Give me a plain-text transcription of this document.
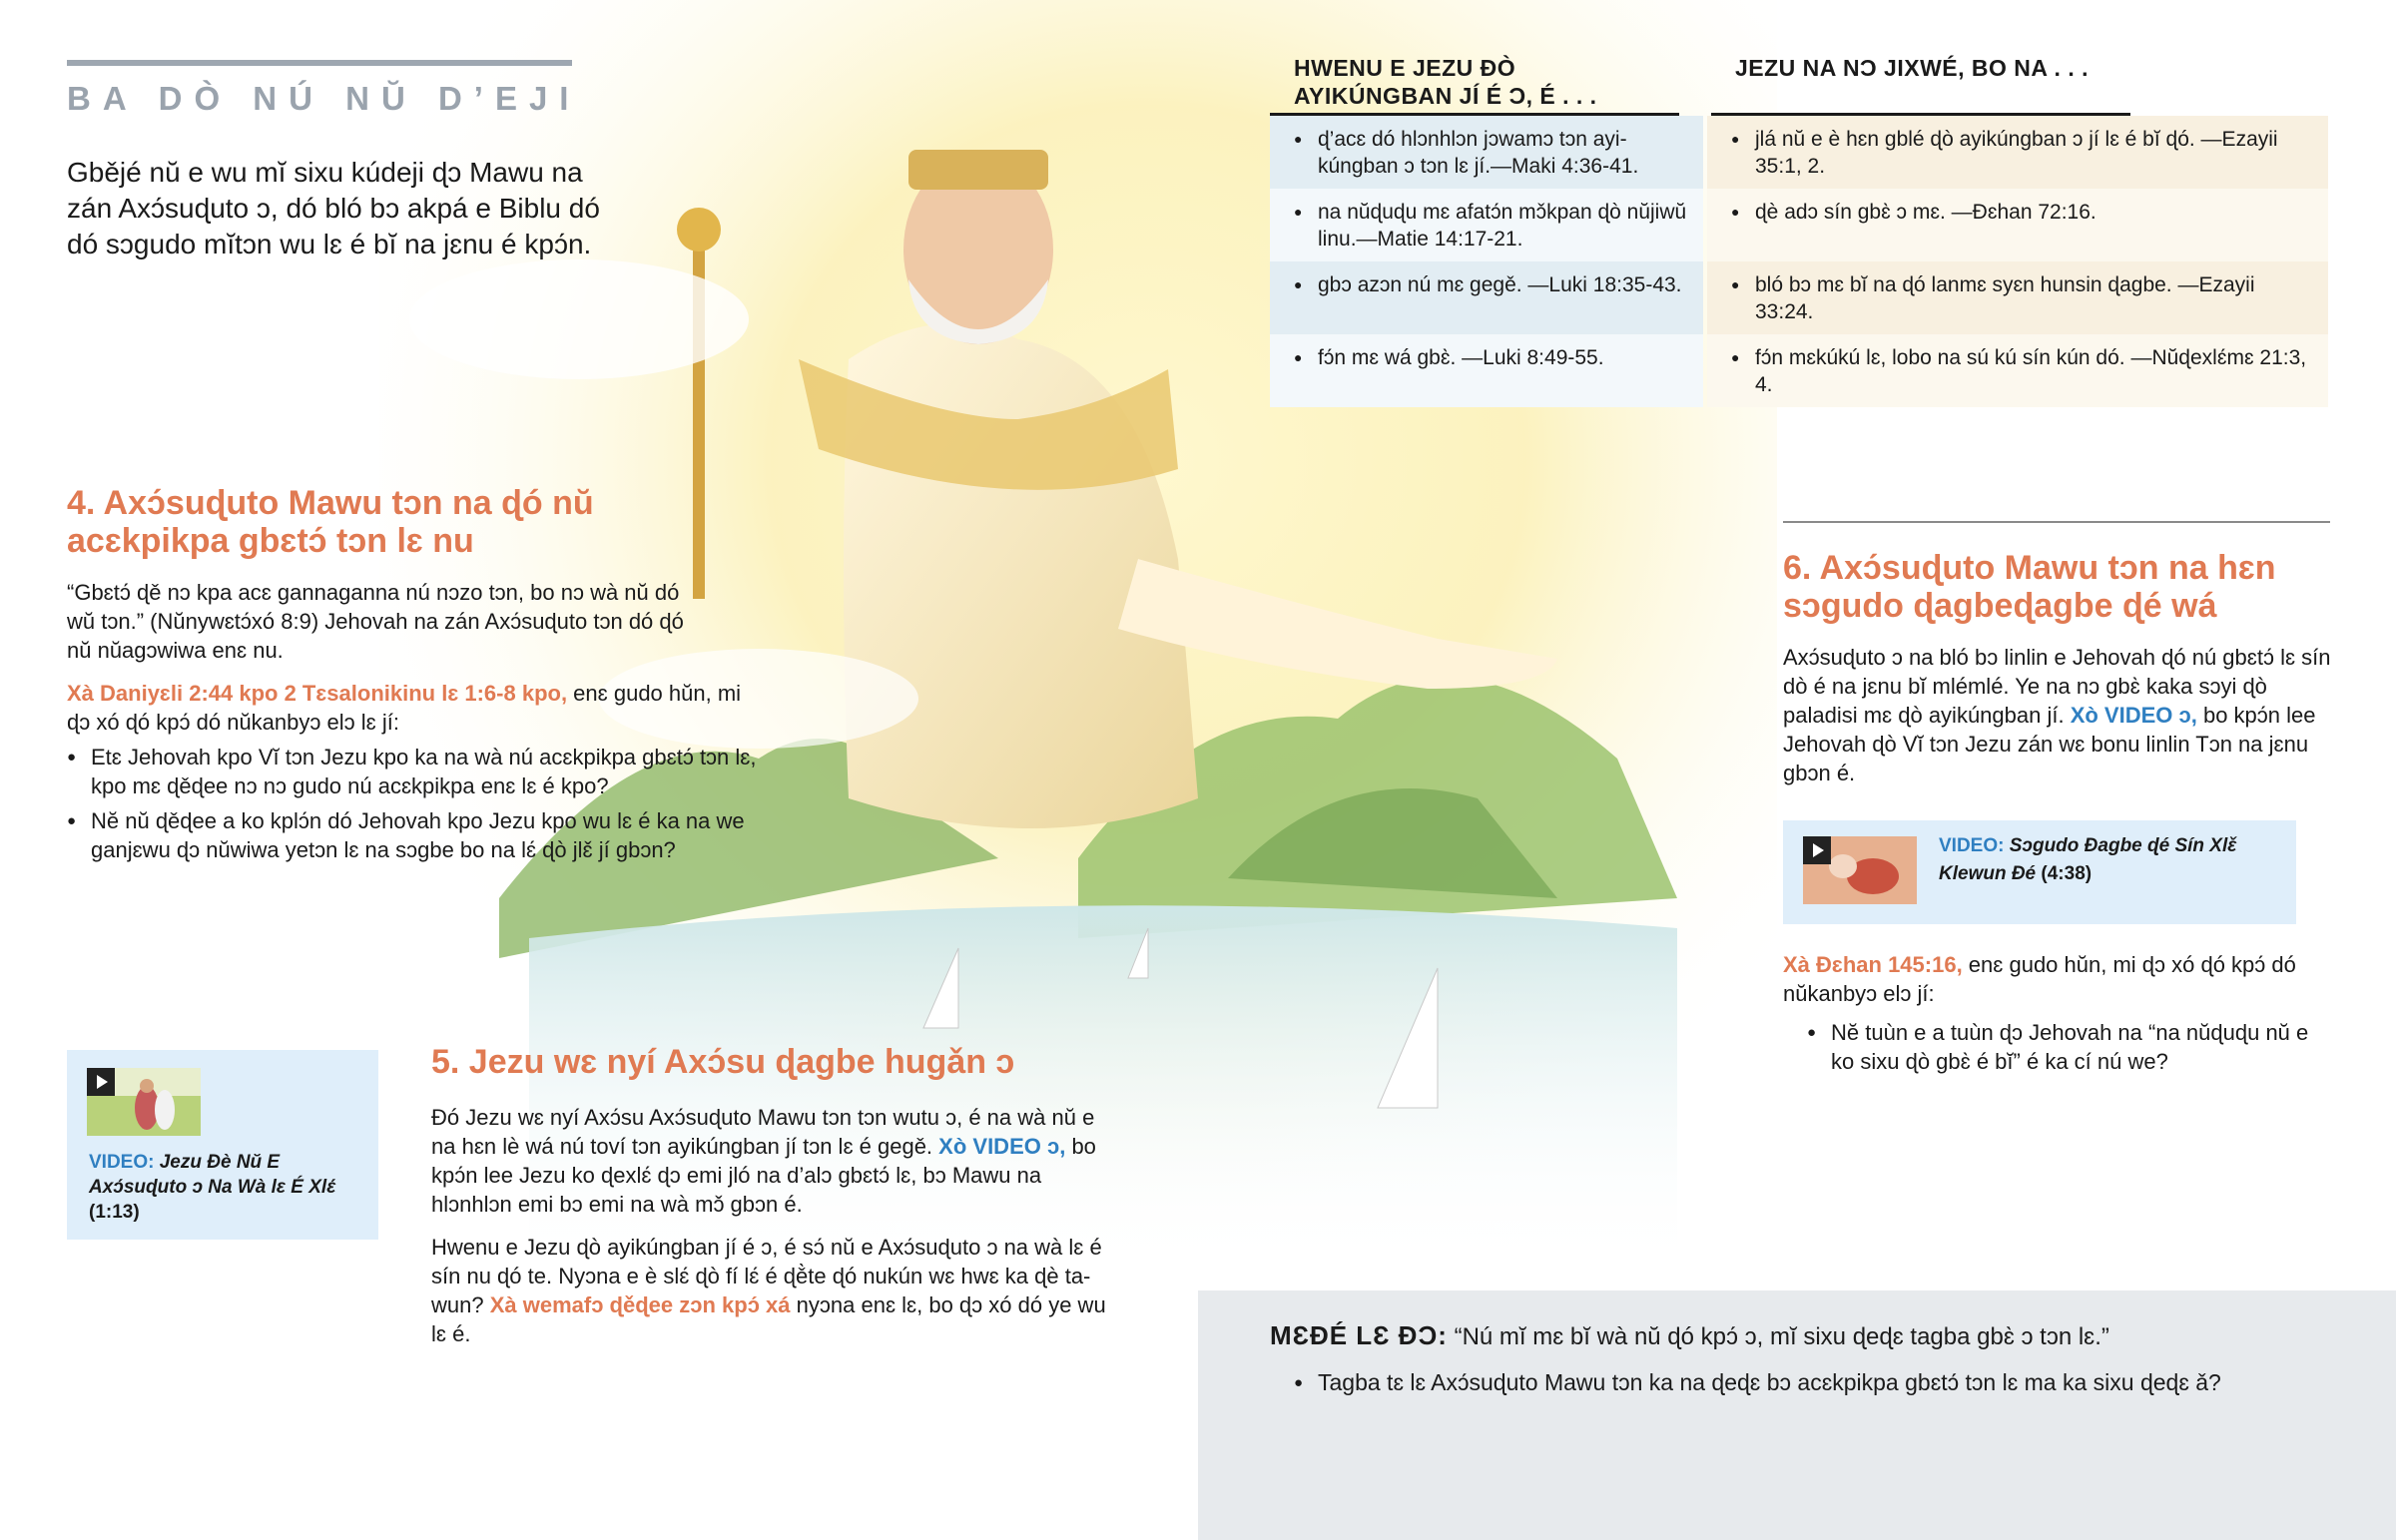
BA DÒ NÚ NŬ D’EJI
Gbějé nŭ e wu mĭ sixu kúdeji ɖɔ Mawu na zán Axɔ́suɖuto ɔ, dó bló bɔ akpá e Biblu dó dó sɔgudo mĭtɔn wu lɛ é bĭ na jɛnu é kpɔ́n.
4. Axɔ́suɖuto Mawu tɔn na ɖó nŭ acɛkpikpa gbɛtɔ́ tɔn lɛ nu
“Gbɛtɔ́ ɖě nɔ kpa acɛ gannaganna nú nɔzo tɔn, bo nɔ wà nŭ dó wŭ tɔn.” (Nŭnywɛtɔ́xó 8:9) Jehovah na zán Axɔ́suɖuto tɔn dó ɖó nŭ nŭagɔwiwa enɛ nu.
Xà Daniyɛli 2:44 kpo 2 Tɛsalonikinu lɛ 1:6-8 kpo, enɛ gudo hŭn, mi ɖɔ xó ɖó kpɔ́ dó nŭkanbyɔ elɔ lɛ jí:
● Etɛ Jehovah kpo Vĭ tɔn Jezu kpo ka na wà nú acɛkpikpa gbɛtɔ́ tɔn lɛ, kpo mɛ ɖěɖee nɔ nɔ gudo nú acɛkpikpa enɛ lɛ é kpo?
● Nĕ nŭ ɖěɖee a ko kplɔ́n dó Jehovah kpo Jezu kpo wu lɛ é ka na we ganjɛwu ɖɔ nŭwiwa yetɔn lɛ na sɔgbe bo na lɛ́ ɖò jlɛ̌ jí gbɔn?
VIDEO: Jezu Ɖè Nŭ E Axɔ́suɖuto ɔ Na Wà lɛ É Xlɛ́ (1:13)
5. Jezu wɛ nyí Axɔ́su ɖagbe hugǎn ɔ
Ðó Jezu wɛ nyí Axɔ́su Axɔ́suɖuto Mawu tɔn tɔn wutu ɔ, é na wà nŭ e na hɛn lè wá nú toví tɔn ayikúngban jí tɔn lɛ é gegě. Xò VIDEO ɔ, bo kpɔ́n lee Jezu ko ɖexlɛ́ ɖɔ emi jló na d’alɔ gbɛtɔ́ lɛ, bɔ Mawu na hlɔnhlɔn emi bɔ emi na wà mɔ̌ gbɔn é.
Hwenu e Jezu ɖò ayikúngban jí é ɔ, é sɔ́ nŭ e Axɔ́suɖuto ɔ na wà lɛ é sín nu ɖó te. Nyɔna e è slɛ́ ɖò fí lɛ́ é ɖě̀te ɖó nukún wɛ hwɛ ka ɖè ta-wun? Xà wemafɔ ɖěɖee zɔn kpɔ́ xá nyɔna enɛ lɛ, bo ɖɔ xó dó ye wu lɛ é.
HWENU E JEZU ÐÒ AYIKÚNGBAN JÍ É Ɔ, É . . .
JEZU NA NƆ JIXWÉ, BO NA . . .
● ɖ’acɛ dó hlɔnhlɔn jɔwamɔ tɔn ayikúngban ɔ tɔn lɛ jí.—Maki 4:36-41.
● jlá nŭ e è hɛn gblé ɖò ayikúngban ɔ jí lɛ é bĭ ɖó. —Ezayii 35:1, 2.
● na nŭɖuɖu mɛ afatɔ́n mɔ̌kpan ɖò nŭjiwŭ linu.—Matie 14:17-21.
● ɖè adɔ sín gbɛ̀ ɔ mɛ. —Ðɛhan 72:16.
● gbɔ azɔn nú mɛ gegě. —Luki 18:35-43.	● bló bɔ mɛ bĭ na ɖó lanmɛ syɛn hunsin ɖagbe. —Ezayii 33:24.
● fɔ́n mɛ wá gbɛ̀. —Luki 8:49-55.	● fɔ́n mɛkúkú lɛ, lobo na sú kú sín kún dó. —Nŭɖexlɛ́mɛ 21:3, 4.
6. Axɔ́suɖuto Mawu tɔn na hɛn sɔgudo ɖagbeɖagbe ɖé wá
Axɔ́suɖuto ɔ na bló bɔ linlin e Jehovah ɖó nú gbɛtɔ́ lɛ sín dò é na jɛnu bĭ mlémlé. Ye na nɔ gbɛ̀ kaka sɔyi ɖò paladisi mɛ ɖò ayikúngban jí. Xò VIDEO ɔ, bo kpɔ́n lee Jehovah ɖò Vĭ tɔn Jezu zán wɛ bonu linlin Tɔn na jɛnu gbɔn é.
VIDEO: Sɔgudo Ðagbe ɖé Sín Xlɛ̌ Klewun Ðé (4:38)
Xà Ðɛhan 145:16, enɛ gudo hŭn, mi ɖɔ xó ɖó kpɔ́ dó nŭkanbyɔ elɔ jí:
● Nĕ tuùn e a tuùn ɖɔ Jehovah na “na nŭɖuɖu nŭ e ko sixu ɖò gbɛ̀ é bĭ” é ka cí nú we?
MƐÐÉ LƐ ÐƆ: “Nú mĭ mɛ bĭ wà nŭ ɖó kpɔ́ ɔ, mĭ sixu ɖeɖɛ tagba gbɛ̀ ɔ tɔn lɛ.”
● Tagba tɛ lɛ Axɔ́suɖuto Mawu tɔn ka na ɖeɖɛ bɔ acɛkpikpa gbɛtɔ́ tɔn lɛ ma ka sixu ɖeɖɛ ǎ?
